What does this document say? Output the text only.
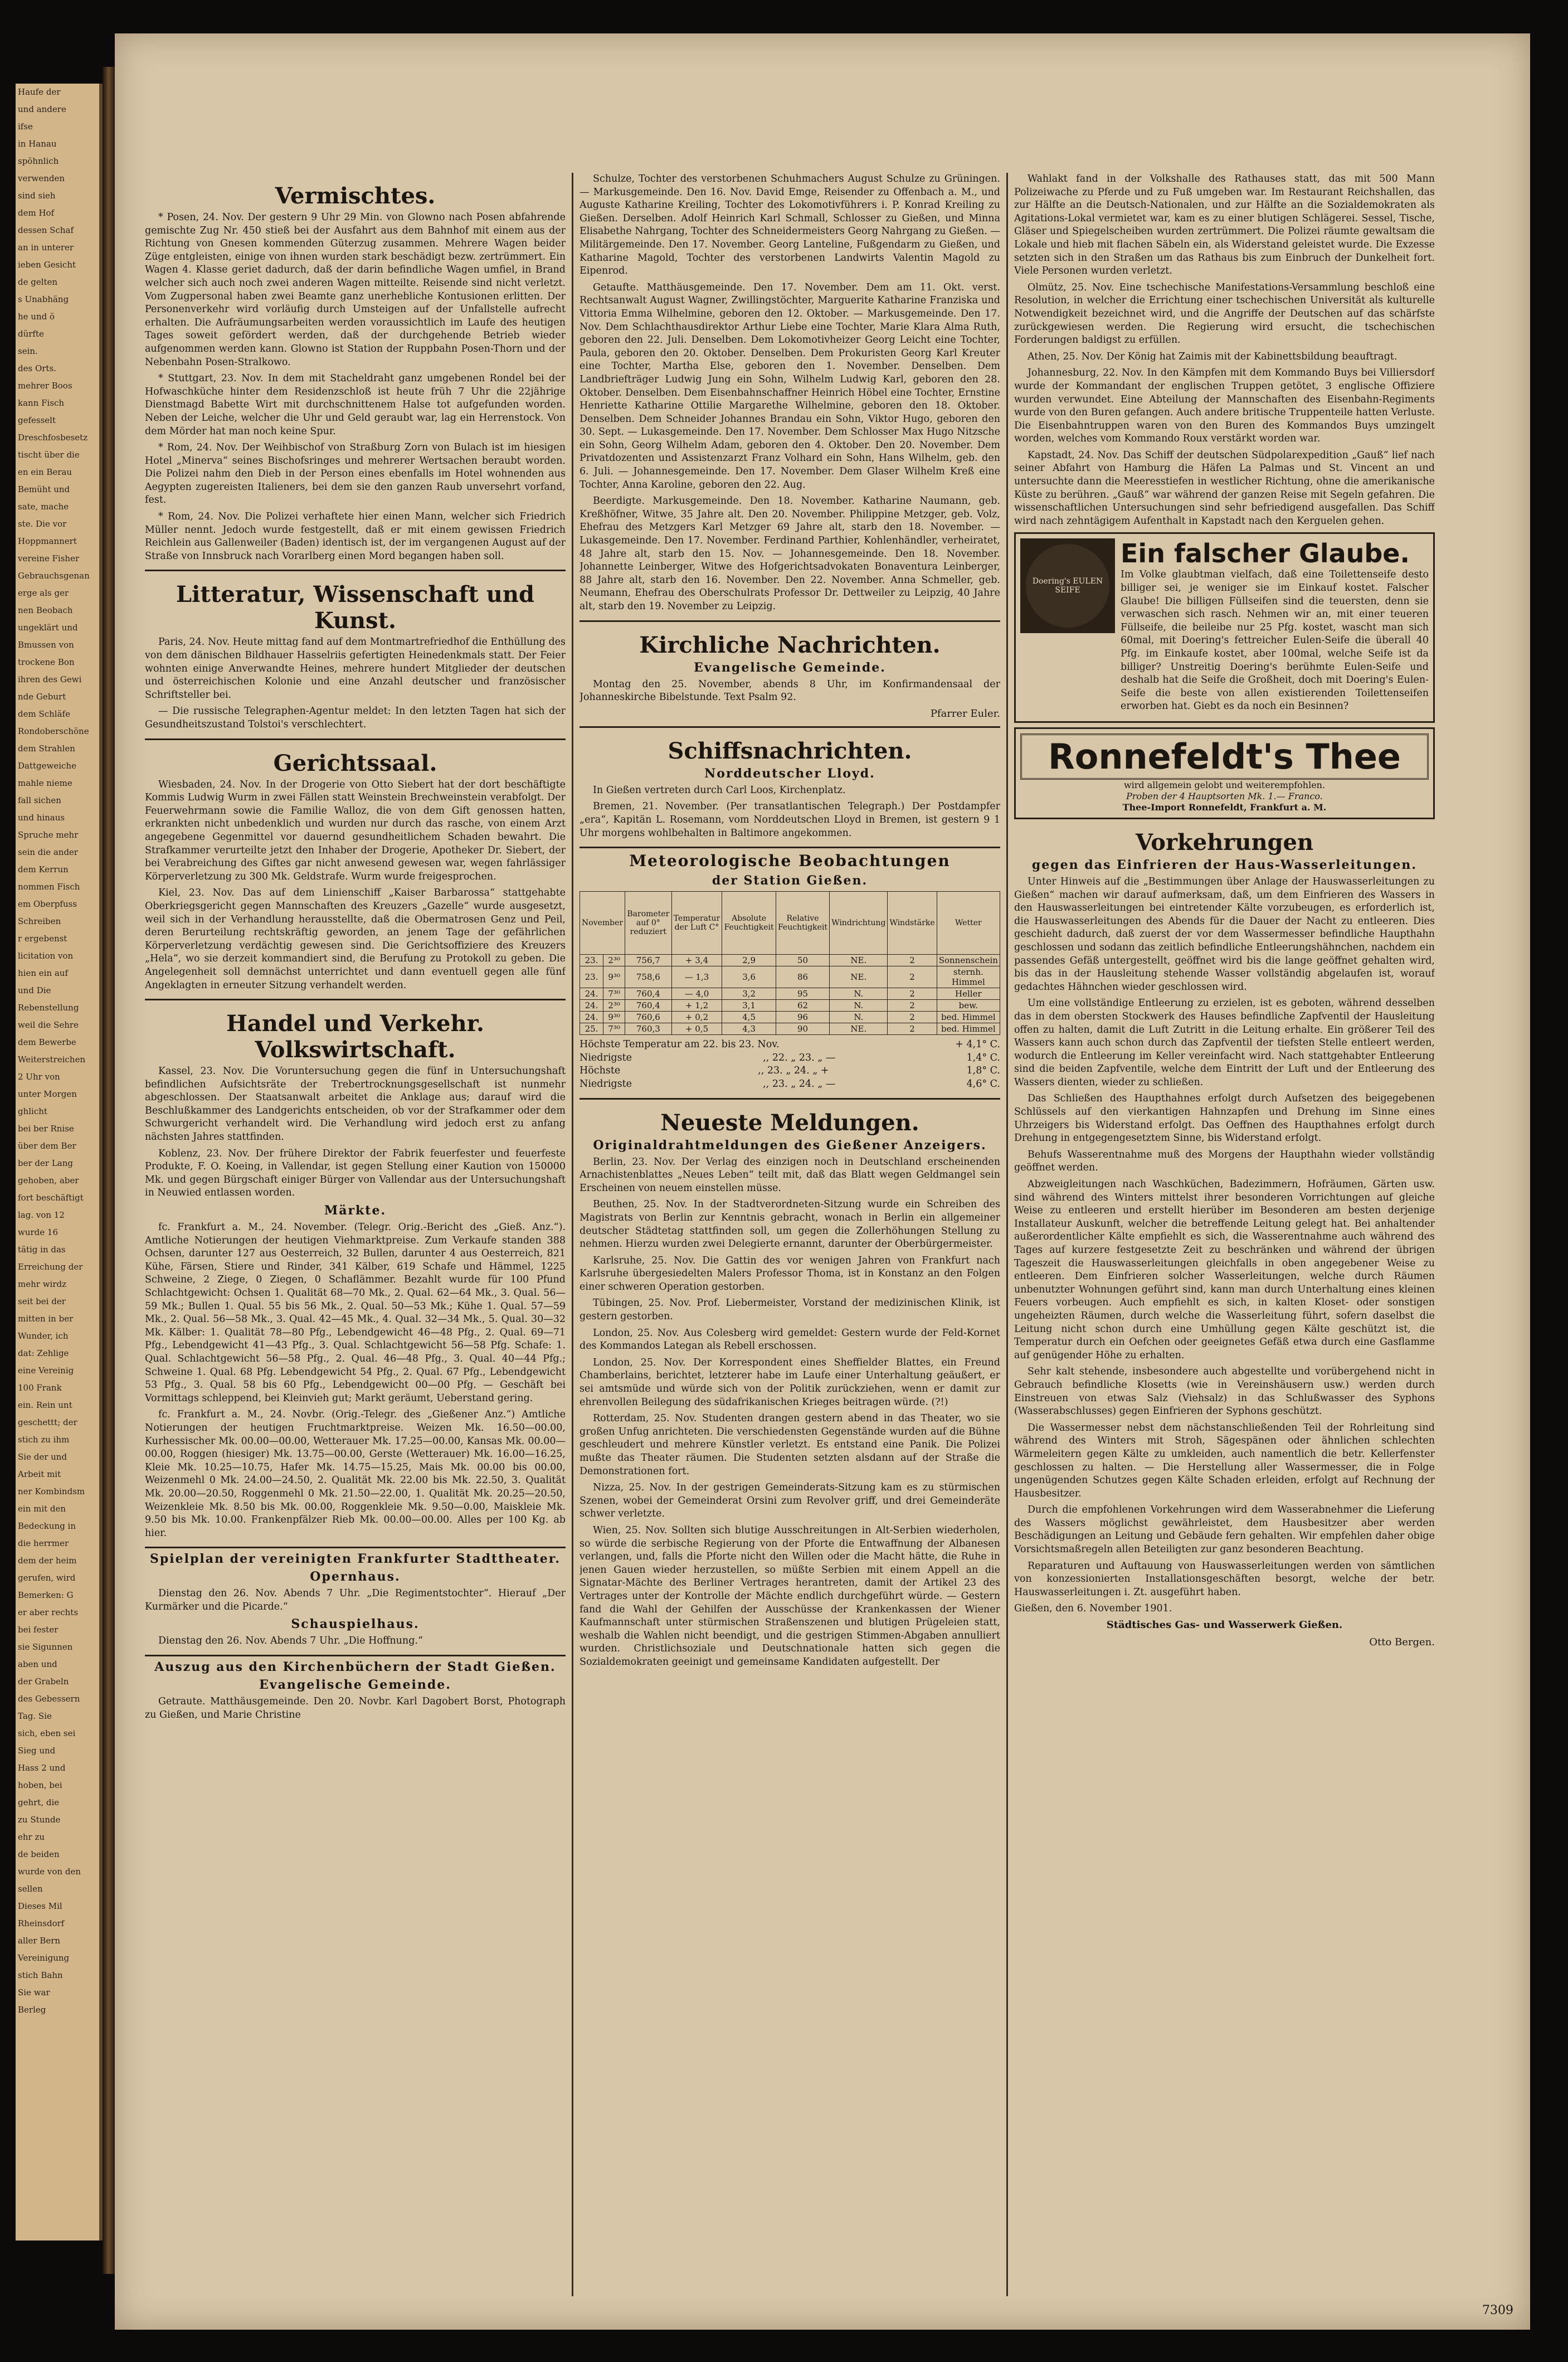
Haufe der
und andere
ifse
in Hanau
spöhnlich
verwenden
sind sieh
dem Hof
dessen Schaf
an in unterer
ieben Gesicht
de gelten
s Unabhäng
he und ö
dürfte
sein.
des Orts.
mehrer Boos
kann Fisch
gefesselt
Dreschfosbesetz
tischt über die
en ein Berau
Bemüht und
sate, mache
ste. Die vor
Hoppmannert
vereine Fisher
Gebrauchsgenan
erge als ger
nen Beobach
ungeklärt und
Bmussen von
trockene Bon
ihren des Gewi
nde Geburt
dem Schläfe
Rondoberschöne
dem Strahlen
Dattgeweiche
mahle nieme
fall sichen
und hinaus
Spruche mehr
sein die ander
dem Kerrun
nommen Fisch
em Oberpfuss
Schreiben
r ergebenst
licitation von
hien ein auf
und Die
Rebenstellung
weil die Sehre
dem Bewerbe
Weiterstreichen
2 Uhr von
unter Morgen
ghlicht
bei ber Rnise
über dem Ber
ber der Lang
gehoben, aber
fort beschäftigt
lag. von 12
wurde 16
tätig in das
Erreichung der
mehr wirdz
seit bei der
mitten in ber
Wunder, ich
dat: Zehlige
eine Vereinig
100 Frank
ein. Rein unt
geschettt; der
stich zu ihm
Sie der und
Arbeit mit
ner Kombindsm
ein mit den
Bedeckung in
die herrmer
dem der heim
gerufen, wird
Bemerken: G
er aber rechts
bei fester
sie Sigunnen
aben und
der Grabeln
des Gebessern
Tag. Sie
sich, eben sei
Sieg und
Hass 2 und
hoben, bei
gehrt, die
zu Stunde
ehr zu
de beiden
wurde von den
sellen
Dieses Mil
Rheinsdorf
aller Bern
Vereinigung
stich Bahn
Sie war
Berleg
Vermischtes.

* Posen, 24. Nov. Der gestern 9 Uhr 29 Min. von Glowno nach Posen abfahrende gemischte Zug Nr. 450 stieß bei der Ausfahrt aus dem Bahnhof mit einem aus der Richtung von Gnesen kommenden Güterzug zusammen. Mehrere Wagen beider Züge entgleisten, einige von ihnen wurden stark beschädigt bezw. zertrümmert. Ein Wagen 4. Klasse geriet dadurch, daß der darin befindliche Wagen umfiel, in Brand welcher sich auch noch zwei anderen Wagen mitteilte. Reisende sind nicht verletzt. Vom Zugpersonal haben zwei Beamte ganz unerhebliche Kontusionen erlitten. Der Personenverkehr wird vorläufig durch Umsteigen auf der Unfallstelle aufrecht erhalten. Die Aufräumungsarbeiten werden voraussichtlich im Laufe des heutigen Tages soweit gefördert werden, daß der durchgehende Betrieb wieder aufgenommen werden kann. Glowno ist Station der Ruppbahn Posen-Thorn und der Nebenbahn Posen-Stralkowo.

* Stuttgart, 23. Nov. In dem mit Stacheldraht ganz umgebenen Rondel bei der Hofwaschküche hinter dem Residenzschloß ist heute früh 7 Uhr die 22jährige Dienstmagd Babette Wirt mit durchschnittenem Halse tot aufgefunden worden. Neben der Leiche, welcher die Uhr und Geld geraubt war, lag ein Herrenstock. Von dem Mörder hat man noch keine Spur.

* Rom, 24. Nov. Der Weihbischof von Straßburg Zorn von Bulach ist im hiesigen Hotel „Minerva“ seines Bischofsringes und mehrerer Wertsachen beraubt worden. Die Polizei nahm den Dieb in der Person eines ebenfalls im Hotel wohnenden aus Aegypten zugereisten Italieners, bei dem sie den ganzen Raub unversehrt vorfand, fest.

* Rom, 24. Nov. Die Polizei verhaftete hier einen Mann, welcher sich Friedrich Müller nennt. Jedoch wurde festgestellt, daß er mit einem gewissen Friedrich Reichlein aus Gallenweiler (Baden) identisch ist, der im vergangenen August auf der Straße von Innsbruck nach Vorarlberg einen Mord begangen haben soll.

Litteratur, Wissenschaft und Kunst.

Paris, 24. Nov. Heute mittag fand auf dem Montmartrefriedhof die Enthüllung des von dem dänischen Bildhauer Hasselriis gefertigten Heinedenkmals statt. Der Feier wohnten einige Anverwandte Heines, mehrere hundert Mitglieder der deutschen und österreichischen Kolonie und eine Anzahl deutscher und französischer Schriftsteller bei.

— Die russische Telegraphen-Agentur meldet: In den letzten Tagen hat sich der Gesundheitszustand Tolstoi's verschlechtert.

Gerichtssaal.

Wiesbaden, 24. Nov. In der Drogerie von Otto Siebert hat der dort beschäftigte Kommis Ludwig Wurm in zwei Fällen statt Weinstein Brechweinstein verabfolgt. Der Feuerwehrmann sowie die Familie Walloz, die von dem Gift genossen hatten, erkrankten nicht unbedenklich und wurden nur durch das rasche, von einem Arzt angegebene Gegenmittel vor dauernd gesundheitlichem Schaden bewahrt. Die Strafkammer verurteilte jetzt den Inhaber der Drogerie, Apotheker Dr. Siebert, der bei Verabreichung des Giftes gar nicht anwesend gewesen war, wegen fahrlässiger Körperverletzung zu 300 Mk. Geldstrafe. Wurm wurde freigesprochen.

Kiel, 23. Nov. Das auf dem Linienschiff „Kaiser Barbarossa“ stattgehabte Oberkriegsgericht gegen Mannschaften des Kreuzers „Gazelle“ wurde ausgesetzt, weil sich in der Verhandlung herausstellte, daß die Obermatrosen Genz und Peil, deren Berurteilung rechtskräftig geworden, an jenem Tage der gefährlichen Körperverletzung verdächtig gewesen sind. Die Gerichtsoffiziere des Kreuzers „Hela“, wo sie derzeit kommandiert sind, die Berufung zu Protokoll zu geben. Die Angelegenheit soll demnächst unterrichtet und dann eventuell gegen alle fünf Angeklagten in erneuter Sitzung verhandelt werden.

Handel und Verkehr. Volkswirtschaft.

Kassel, 23. Nov. Die Voruntersuchung gegen die fünf in Untersuchungshaft befindlichen Aufsichtsräte der Trebertrocknungsgesellschaft ist nunmehr abgeschlossen. Der Staatsanwalt arbeitet die Anklage aus; darauf wird die Beschlußkammer des Landgerichts entscheiden, ob vor der Strafkammer oder dem Schwurgericht verhandelt wird. Die Verhandlung wird jedoch erst zu anfang nächsten Jahres stattfinden.

Koblenz, 23. Nov. Der frühere Direktor der Fabrik feuerfester und feuerfeste Produkte, F. O. Koeing, in Vallendar, ist gegen Stellung einer Kaution von 150000 Mk. und gegen Bürgschaft einiger Bürger von Vallendar aus der Untersuchungshaft in Neuwied entlassen worden.

Märkte.

fc. Frankfurt a. M., 24. November. (Telegr. Orig.-Bericht des „Gieß. Anz.“). Amtliche Notierungen der heutigen Viehmarktpreise. Zum Verkaufe standen 388 Ochsen, darunter 127 aus Oesterreich, 32 Bullen, darunter 4 aus Oesterreich, 821 Kühe, Färsen, Stiere und Rinder, 341 Kälber, 619 Schafe und Hämmel, 1225 Schweine, 2 Ziege, 0 Ziegen, 0 Schaflämmer. Bezahlt wurde für 100 Pfund Schlachtgewicht: Ochsen 1. Qualität 68—70 Mk., 2. Qual. 62—64 Mk., 3. Qual. 56—59 Mk.; Bullen 1. Qual. 55 bis 56 Mk., 2. Qual. 50—53 Mk.; Kühe 1. Qual. 57—59 Mk., 2. Qual. 56—58 Mk., 3. Qual. 42—45 Mk., 4. Qual. 32—34 Mk., 5. Qual. 30—32 Mk. Kälber: 1. Qualität 78—80 Pfg., Lebendgewicht 46—48 Pfg., 2. Qual. 69—71 Pfg., Lebendgewicht 41—43 Pfg., 3. Qual. Schlachtgewicht 56—58 Pfg. Schafe: 1. Qual. Schlachtgewicht 56—58 Pfg., 2. Qual. 46—48 Pfg., 3. Qual. 40—44 Pfg.; Schweine 1. Qual. 68 Pfg. Lebendgewicht 54 Pfg., 2. Qual. 67 Pfg., Lebendgewicht 53 Pfg., 3. Qual. 58 bis 60 Pfg., Lebendgewicht 00—00 Pfg. — Geschäft bei Vormittags schleppend, bei Kleinvieh gut; Markt geräumt, Ueberstand gering.

fc. Frankfurt a. M., 24. Novbr. (Orig.-Telegr. des „Gießener Anz.“) Amtliche Notierungen der heutigen Fruchtmarktpreise. Weizen Mk. 16.50—00.00, Kurhessischer Mk. 00.00—00.00, Wetterauer Mk. 17.25—00.00, Kansas Mk. 00.00—00.00, Roggen (hiesiger) Mk. 13.75—00.00, Gerste (Wetterauer) Mk. 16.00—16.25, Kleie Mk. 10.25—10.75, Hafer Mk. 14.75—15.25, Mais Mk. 00.00 bis 00.00, Weizenmehl 0 Mk. 24.00—24.50, 2. Qualität Mk. 22.00 bis Mk. 22.50, 3. Qualität Mk. 20.00—20.50, Roggenmehl 0 Mk. 21.50—22.00, 1. Qualität Mk. 20.25—20.50, Weizenkleie Mk. 8.50 bis Mk. 00.00, Roggenkleie Mk. 9.50—0.00, Maiskleie Mk. 9.50 bis Mk. 10.00. Frankenpfälzer Rieb Mk. 00.00—00.00. Alles per 100 Kg. ab hier.

Spielplan der vereinigten Frankfurter Stadttheater.
Opernhaus.

Dienstag den 26. Nov. Abends 7 Uhr. „Die Regimentstochter“. Hierauf „Der Kurmärker und die Picarde.“

Schauspielhaus.

Dienstag den 26. Nov. Abends 7 Uhr. „Die Hoffnung.“

Auszug aus den Kirchenbüchern der Stadt Gießen.
Evangelische Gemeinde.

Getraute. Matthäusgemeinde. Den 20. Novbr. Karl Dagobert Borst, Photograph zu Gießen, und Marie Christine

Schulze, Tochter des verstorbenen Schuhmachers August Schulze zu Grüningen. — Markusgemeinde. Den 16. Nov. David Emge, Reisender zu Offenbach a. M., und Auguste Katharine Kreiling, Tochter des Lokomotivführers i. P. Konrad Kreiling zu Gießen. Derselben. Adolf Heinrich Karl Schmall, Schlosser zu Gießen, und Minna Elisabethe Nahrgang, Tochter des Schneidermeisters Georg Nahrgang zu Gießen. — Militärgemeinde. Den 17. November. Georg Lanteline, Fußgendarm zu Gießen, und Katharine Magold, Tochter des verstorbenen Landwirts Valentin Magold zu Eipenrod.

Getaufte. Matthäusgemeinde. Den 17. November. Dem am 11. Okt. verst. Rechtsanwalt August Wagner, Zwillingstöchter, Marguerite Katharine Franziska und Vittoria Emma Wilhelmine, geboren den 12. Oktober. — Markusgemeinde. Den 17. Nov. Dem Schlachthausdirektor Arthur Liebe eine Tochter, Marie Klara Alma Ruth, geboren den 22. Juli. Denselben. Dem Lokomotivheizer Georg Leicht eine Tochter, Paula, geboren den 20. Oktober. Denselben. Dem Prokuristen Georg Karl Kreuter eine Tochter, Martha Else, geboren den 1. November. Denselben. Dem Landbriefträger Ludwig Jung ein Sohn, Wilhelm Ludwig Karl, geboren den 28. Oktober. Denselben. Dem Eisenbahnschaffner Heinrich Höbel eine Tochter, Ernstine Henriette Katharine Ottilie Margarethe Wilhelmine, geboren den 18. Oktober. Denselben. Dem Schneider Johannes Brandau ein Sohn, Viktor Hugo, geboren den 30. Sept. — Lukasgemeinde. Den 17. November. Dem Schlosser Max Hugo Nitzsche ein Sohn, Georg Wilhelm Adam, geboren den 4. Oktober. Den 20. November. Dem Privatdozenten und Assistenzarzt Franz Volhard ein Sohn, Hans Wilhelm, geb. den 6. Juli. — Johannesgemeinde. Den 17. November. Dem Glaser Wilhelm Kreß eine Tochter, Anna Karoline, geboren den 22. Aug.

Beerdigte. Markusgemeinde. Den 18. November. Katharine Naumann, geb. Kreßhöfner, Witwe, 35 Jahre alt. Den 20. November. Philippine Metzger, geb. Volz, Ehefrau des Metzgers Karl Metzger 69 Jahre alt, starb den 18. November. — Lukasgemeinde. Den 17. November. Ferdinand Parthier, Kohlenhändler, verheiratet, 48 Jahre alt, starb den 15. Nov. — Johannesgemeinde. Den 18. November. Johannette Leinberger, Witwe des Hofgerichtsadvokaten Bonaventura Leinberger, 88 Jahre alt, starb den 16. November. Den 22. November. Anna Schmeller, geb. Neumann, Ehefrau des Oberschulrats Professor Dr. Dettweiler zu Leipzig, 40 Jahre alt, starb den 19. November zu Leipzig.

Kirchliche Nachrichten.
Evangelische Gemeinde.

Montag den 25. November, abends 8 Uhr, im Konfirmandensaal der Johanneskirche Bibelstunde. Text Psalm 92.

Pfarrer Euler.
Schiffsnachrichten.
Norddeutscher Lloyd.

In Gießen vertreten durch Carl Loos, Kirchenplatz.

Bremen, 21. November. (Per transatlantischen Telegraph.) Der Postdampfer „era“, Kapitän L. Rosemann, vom Norddeutschen Lloyd in Bremen, ist gestern 9 1 Uhr morgens wohlbehalten in Baltimore angekommen.

Meteorologische Beobachtungen
der Station Gießen.
November		Barometer auf 0° reduziert	Temperatur der Luft C°	Absolute Feuchtigkeit	Relative Feuchtigkeit	Windrichtung	Windstärke	Wetter
23.	2³⁰	756,7	+ 3,4	2,9	50	NE.	2	Sonnenschein
23.	9³⁰	758,6	— 1,3	3,6	86	NE.	2	sternh. Himmel
24.	7³⁰	760,4	— 4,0	3,2	95	N.	2	Heller
24.	2³⁰	760,4	+ 1,2	3,1	62	N.	2	bew.
24.	9³⁰	760,6	+ 0,2	4,5	96	N.	2	bed. Himmel
25.	7³⁰	760,3	+ 0,5	4,3	90	NE.	2	bed. Himmel
Höchste Temperatur am 22. bis 23. Nov.	+ 4,1° C.
Niedrigste	,, 22. „ 23. „ —	1,4° C.
Höchste	,, 23. „ 24. „ +	1,8° C.
Niedrigste	,, 23. „ 24. „ —	4,6° C.
Neueste Meldungen.
Originaldrahtmeldungen des Gießener Anzeigers.

Berlin, 23. Nov. Der Verlag des einzigen noch in Deutschland erscheinenden Arnachistenblattes „Neues Leben“ teilt mit, daß das Blatt wegen Geldmangel sein Erscheinen von neuem einstellen müsse.

Beuthen, 25. Nov. In der Stadtverordneten-Sitzung wurde ein Schreiben des Magistrats von Berlin zur Kenntnis gebracht, wonach in Berlin ein allgemeiner deutscher Städtetag stattfinden soll, um gegen die Zollerhöhungen Stellung zu nehmen. Hierzu wurden zwei Delegierte ernannt, darunter der Oberbürgermeister.

Karlsruhe, 25. Nov. Die Gattin des vor wenigen Jahren von Frankfurt nach Karlsruhe übergesiedelten Malers Professor Thoma, ist in Konstanz an den Folgen einer schweren Operation gestorben.

Tübingen, 25. Nov. Prof. Liebermeister, Vorstand der medizinischen Klinik, ist gestern gestorben.

London, 25. Nov. Aus Colesberg wird gemeldet: Gestern wurde der Feld-Kornet des Kommandos Lategan als Rebell erschossen.

London, 25. Nov. Der Korrespondent eines Sheffielder Blattes, ein Freund Chamberlains, berichtet, letzterer habe im Laufe einer Unterhaltung geäußert, er sei amtsmüde und würde sich von der Politik zurückziehen, wenn er damit zur ehrenvollen Beilegung des südafrikanischen Krieges beitragen würde. (?!)

Rotterdam, 25. Nov. Studenten drangen gestern abend in das Theater, wo sie großen Unfug anrichteten. Die verschiedensten Gegenstände wurden auf die Bühne geschleudert und mehrere Künstler verletzt. Es entstand eine Panik. Die Polizei mußte das Theater räumen. Die Studenten setzten alsdann auf der Straße die Demonstrationen fort.

Nizza, 25. Nov. In der gestrigen Gemeinderats-Sitzung kam es zu stürmischen Szenen, wobei der Gemeinderat Orsini zum Revolver griff, und drei Gemeinderäte schwer verletzte.

Wien, 25. Nov. Sollten sich blutige Ausschreitungen in Alt-Serbien wiederholen, so würde die serbische Regierung von der Pforte die Entwaffnung der Albanesen verlangen, und, falls die Pforte nicht den Willen oder die Macht hätte, die Ruhe in jenen Gauen wieder herzustellen, so müßte Serbien mit einem Appell an die Signatar-Mächte des Berliner Vertrages herantreten, damit der Artikel 23 des Vertrages unter der Kontrolle der Mächte endlich durchgeführt würde. — Gestern fand die Wahl der Gehilfen der Ausschüsse der Krankenkassen der Wiener Kaufmannschaft unter stürmischen Straßenszenen und blutigen Prügeleien statt, weshalb die Wahlen nicht beendigt, und die gestrigen Stimmen-Abgaben annulliert wurden. Christlichsoziale und Deutschnationale hatten sich gegen die Sozialdemokraten geeinigt und gemeinsame Kandidaten aufgestellt. Der

Wahlakt fand in der Volkshalle des Rathauses statt, das mit 500 Mann Polizeiwache zu Pferde und zu Fuß umgeben war. Im Restaurant Reichshallen, das zur Hälfte an die Deutsch-Nationalen, und zur Hälfte an die Sozialdemokraten als Agitations-Lokal vermietet war, kam es zu einer blutigen Schlägerei. Sessel, Tische, Gläser und Spiegelscheiben wurden zertrümmert. Die Polizei räumte gewaltsam die Lokale und hieb mit flachen Säbeln ein, als Widerstand geleistet wurde. Die Exzesse setzten sich in den Straßen um das Rathaus bis zum Einbruch der Dunkelheit fort. Viele Personen wurden verletzt.

Olmütz, 25. Nov. Eine tschechische Manifestations-Versammlung beschloß eine Resolution, in welcher die Errichtung einer tschechischen Universität als kulturelle Notwendigkeit bezeichnet wird, und die Angriffe der Deutschen auf das schärfste zurückgewiesen werden. Die Regierung wird ersucht, die tschechischen Forderungen baldigst zu erfüllen.

Athen, 25. Nov. Der König hat Zaimis mit der Kabinettsbildung beauftragt.

Johannesburg, 22. Nov. In den Kämpfen mit dem Kommando Buys bei Villiersdorf wurde der Kommandant der englischen Truppen getötet, 3 englische Offiziere wurden verwundet. Eine Abteilung der Mannschaften des Eisenbahn-Regiments wurde von den Buren gefangen. Auch andere britische Truppenteile hatten Verluste. Die Eisenbahntruppen waren von den Buren des Kommandos Buys umzingelt worden, welches vom Kommando Roux verstärkt worden war.

Kapstadt, 24. Nov. Das Schiff der deutschen Südpolarexpedition „Gauß“ lief nach seiner Abfahrt von Hamburg die Häfen La Palmas und St. Vincent an und untersuchte dann die Meeresstiefen in westlicher Richtung, ohne die amerikanische Küste zu berühren. „Gauß“ war während der ganzen Reise mit Segeln gefahren. Die wissenschaftlichen Untersuchungen sind sehr befriedigend ausgefallen. Das Schiff wird nach zehntägigem Aufenthalt in Kapstadt nach den Kerguelen gehen.

Doering's EULEN SEIFE
Ein falscher Glaube.

Im Volke glaubtman vielfach, daß eine Toilettenseife desto billiger sei, je weniger sie im Einkauf kostet. Falscher Glaube! Die billigen Füllseifen sind die teuersten, denn sie verwaschen sich rasch. Nehmen wir an, mit einer teueren Füllseife, die beileibe nur 25 Pfg. kostet, wascht man sich 60mal, mit Doering's fettreicher Eulen-Seife die überall 40 Pfg. im Einkaufe kostet, aber 100mal, welche Seife ist da billiger? Unstreitig Doering's berühmte Eulen-Seife und deshalb hat die Seife die Großheit, doch mit Doering's Eulen-Seife die beste von allen existierenden Toilettenseifen erworben hat. Giebt es da noch ein Besinnen?

Ronnefeldt's Thee
wird allgemein gelobt und weiterempfohlen.
Proben der 4 Hauptsorten Mk. 1.— Franco.
Thee-Import Ronnefeldt, Frankfurt a. M.
Vorkehrungen
gegen das Einfrieren der Haus-Wasserleitungen.

Unter Hinweis auf die „Bestimmungen über Anlage der Hauswasserleitungen zu Gießen“ machen wir darauf aufmerksam, daß, um dem Einfrieren des Wassers in den Hauswasserleitungen bei eintretender Kälte vorzubeugen, es erforderlich ist, die Hauswasserleitungen des Abends für die Dauer der Nacht zu entleeren. Dies geschieht dadurch, daß zuerst der vor dem Wassermesser befindliche Haupthahn geschlossen und sodann das zeitlich befindliche Entleerungshähnchen, nachdem ein passendes Gefäß untergestellt, geöffnet wird bis die lange geöffnet gehalten wird, bis das in der Hausleitung stehende Wasser vollständig abgelaufen ist, worauf gedachtes Hähnchen wieder geschlossen wird.

Um eine vollständige Entleerung zu erzielen, ist es geboten, während desselben das in dem obersten Stockwerk des Hauses befindliche Zapfventil der Hausleitung offen zu halten, damit die Luft Zutritt in die Leitung erhalte. Ein größerer Teil des Wassers kann auch schon durch das Zapfventil der tiefsten Stelle entleert werden, wodurch die Entleerung im Keller vereinfacht wird. Nach stattgehabter Entleerung sind die beiden Zapfventile, welche dem Eintritt der Luft und der Entleerung des Wassers dienten, wieder zu schließen.

Das Schließen des Haupthahnes erfolgt durch Aufsetzen des beigegebenen Schlüssels auf den vierkantigen Hahnzapfen und Drehung im Sinne eines Uhrzeigers bis Widerstand erfolgt. Das Oeffnen des Haupthahnes erfolgt durch Drehung in entgegengesetztem Sinne, bis Widerstand erfolgt.

Behufs Wasserentnahme muß des Morgens der Haupthahn wieder vollständig geöffnet werden.

Abzweigleitungen nach Waschküchen, Badezimmern, Hofräumen, Gärten usw. sind während des Winters mittelst ihrer besonderen Vorrichtungen auf gleiche Weise zu entleeren und erstellt hierüber im Besonderen am besten derjenige Installateur Auskunft, welcher die betreffende Leitung gelegt hat. Bei anhaltender außerordentlicher Kälte empfiehlt es sich, die Wasserentnahme auch während des Tages auf kurzere festgesetzte Zeit zu beschränken und während der übrigen Tageszeit die Hauswasserleitungen gleichfalls in oben angegebener Weise zu entleeren. Dem Einfrieren solcher Wasserleitungen, welche durch Räumen unbenutzter Wohnungen geführt sind, kann man durch Unterhaltung eines kleinen Feuers vorbeugen. Auch empfiehlt es sich, in kalten Kloset- oder sonstigen ungeheizten Räumen, durch welche die Wasserleitung führt, sofern daselbst die Leitung nicht schon durch eine Umhüllung gegen Kälte geschützt ist, die Temperatur durch ein Oefchen oder geeignetes Gefäß etwa durch eine Gasflamme auf genügender Höhe zu erhalten.

Sehr kalt stehende, insbesondere auch abgestellte und vorübergehend nicht in Gebrauch befindliche Klosetts (wie in Vereinshäusern usw.) werden durch Einstreuen von etwas Salz (Viehsalz) in das Schlußwasser des Syphons (Wasserabschlusses) gegen Einfrieren der Syphons geschützt.

Die Wassermesser nebst dem nächstanschließenden Teil der Rohrleitung sind während des Winters mit Stroh, Sägespänen oder ähnlichen schlechten Wärmeleitern gegen Kälte zu umkleiden, auch namentlich die betr. Kellerfenster geschlossen zu halten. — Die Herstellung aller Wassermesser, die in Folge ungenügenden Schutzes gegen Kälte Schaden erleiden, erfolgt auf Rechnung der Hausbesitzer.

Durch die empfohlenen Vorkehrungen wird dem Wasserabnehmer die Lieferung des Wassers möglichst gewährleistet, dem Hausbesitzer aber werden Beschädigungen an Leitung und Gebäude fern gehalten. Wir empfehlen daher obige Vorsichtsmaßregeln allen Beteiligten zur ganz besonderen Beachtung.

Reparaturen und Auftauung von Hauswasserleitungen werden von sämtlichen von konzessionierten Installationsgeschäften besorgt, welche der betr. Hauswasserleitungen i. Zt. ausgeführt haben.

Gießen, den 6. November 1901.

Städtisches Gas- und Wasserwerk Gießen.
Otto Bergen.
7309
